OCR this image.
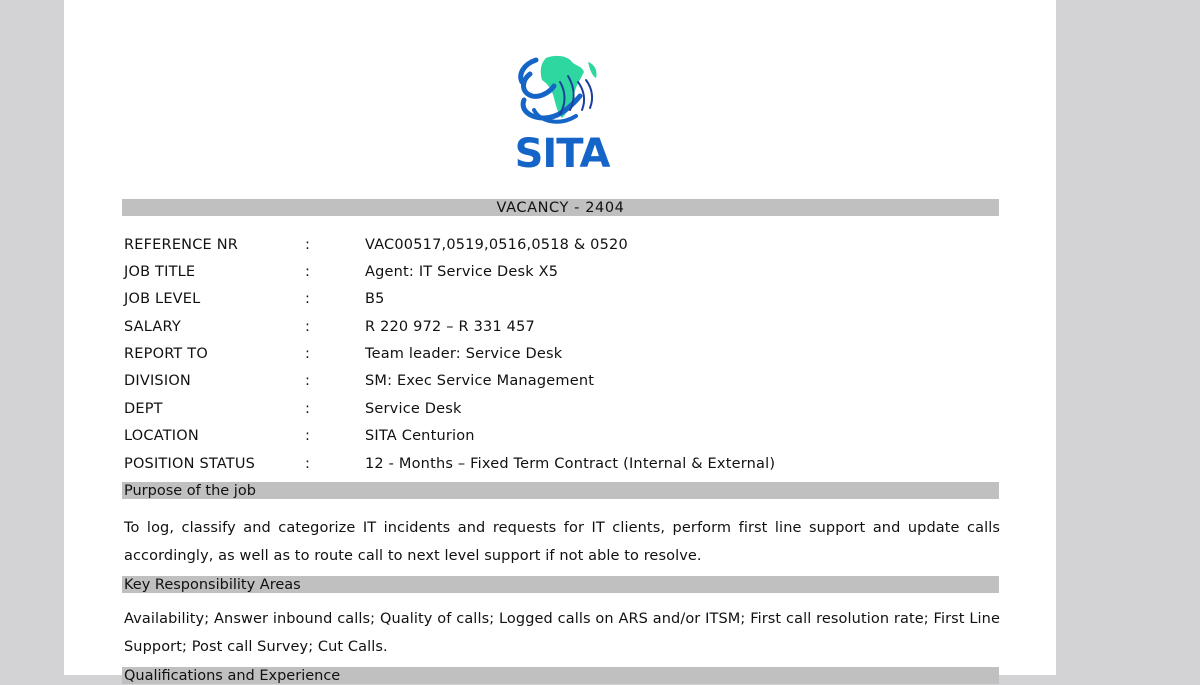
SITA
VACANCY - 2404
REFERENCE NR	:	VAC00517,0519,0516,0518 & 0520
JOB TITLE	:	Agent: IT Service Desk X5
JOB LEVEL	:	B5
SALARY	:	R 220 972 – R 331 457
REPORT TO	:	Team leader: Service Desk
DIVISION	:	SM: Exec Service Management
DEPT	:	Service Desk
LOCATION	:	SITA Centurion
POSITION STATUS	:	12 - Months – Fixed Term Contract (Internal & External)
Purpose of the job
To log, classify and categorize IT incidents and requests for IT clients, perform first line support and update calls accordingly, as well as to route call to next level support if not able to resolve.
Key Responsibility Areas
Availability; Answer inbound calls; Quality of calls; Logged calls on ARS and/or ITSM; First call resolution rate; First Line Support; Post call Survey; Cut Calls.
Qualifications and Experience
